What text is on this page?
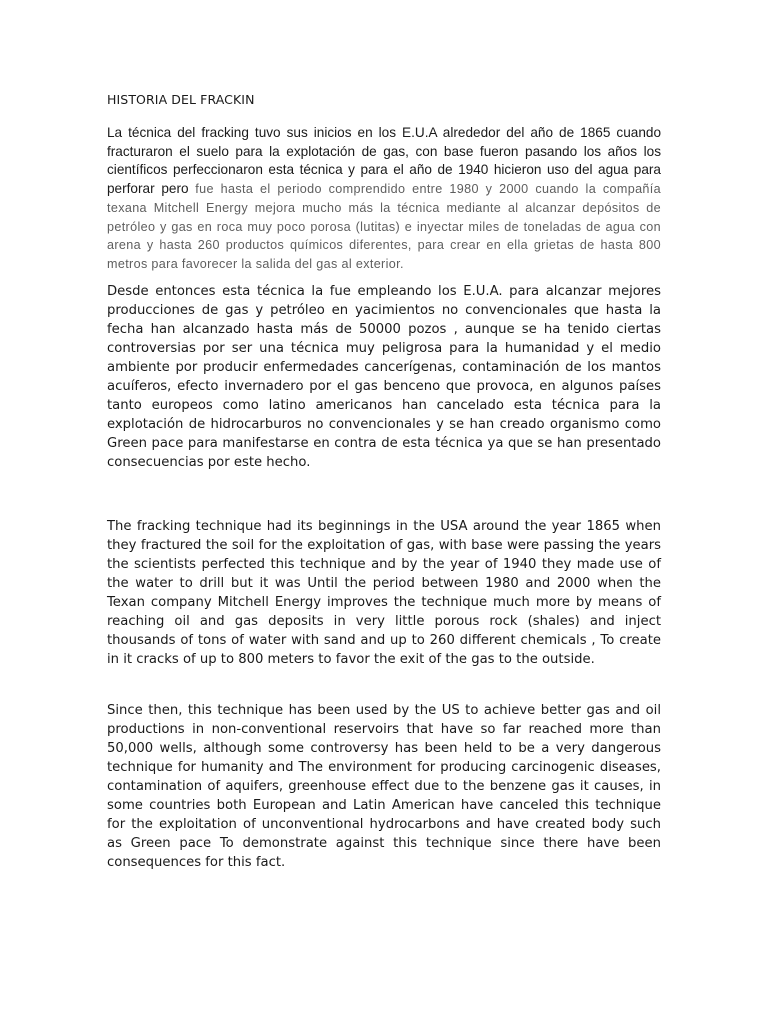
HISTORIA DEL FRACKIN

La técnica del fracking tuvo sus inicios en los E.U.A alrededor del año de 1865 cuando fracturaron el suelo para la explotación de gas, con base fueron pasando los años los científicos perfeccionaron esta técnica y para el año de 1940 hicieron uso del agua para perforar pero fue hasta el periodo comprendido entre 1980 y 2000 cuando la compañía texana Mitchell Energy mejora mucho más la técnica mediante al alcanzar depósitos de petróleo y gas en roca muy poco porosa (lutitas) e inyectar miles de toneladas de agua con arena y hasta 260 productos químicos diferentes, para crear en ella grietas de hasta 800 metros para favorecer la salida del gas al exterior.

Desde entonces esta técnica la fue empleando los E.U.A. para alcanzar mejores producciones de gas y petróleo en yacimientos no convencionales que hasta la fecha han alcanzado hasta más de 50000 pozos , aunque se ha tenido ciertas controversias por ser una técnica muy peligrosa para la humanidad y el medio ambiente por producir enfermedades cancerígenas, contaminación de los mantos acuíferos, efecto invernadero por el gas benceno que provoca, en algunos países tanto europeos como latino americanos han cancelado esta técnica para la explotación de hidrocarburos no convencionales y se han creado organismo como Green pace para manifestarse en contra de esta técnica ya que se han presentado consecuencias por este hecho.

The fracking technique had its beginnings in the USA around the year 1865 when they fractured the soil for the exploitation of gas, with base were passing the years the scientists perfected this technique and by the year of 1940 they made use of the water to drill but it was Until the period between 1980 and 2000 when the Texan company Mitchell Energy improves the technique much more by means of reaching oil and gas deposits in very little porous rock (shales) and inject thousands of tons of water with sand and up to 260 different chemicals , To create in it cracks of up to 800 meters to favor the exit of the gas to the outside.

Since then, this technique has been used by the US to achieve better gas and oil productions in non-conventional reservoirs that have so far reached more than 50,000 wells, although some controversy has been held to be a very dangerous technique for humanity and The environment for producing carcinogenic diseases, contamination of aquifers, greenhouse effect due to the benzene gas it causes, in some countries both European and Latin American have canceled this technique for the exploitation of unconventional hydrocarbons and have created body such as Green pace To demonstrate against this technique since there have been consequences for this fact.
